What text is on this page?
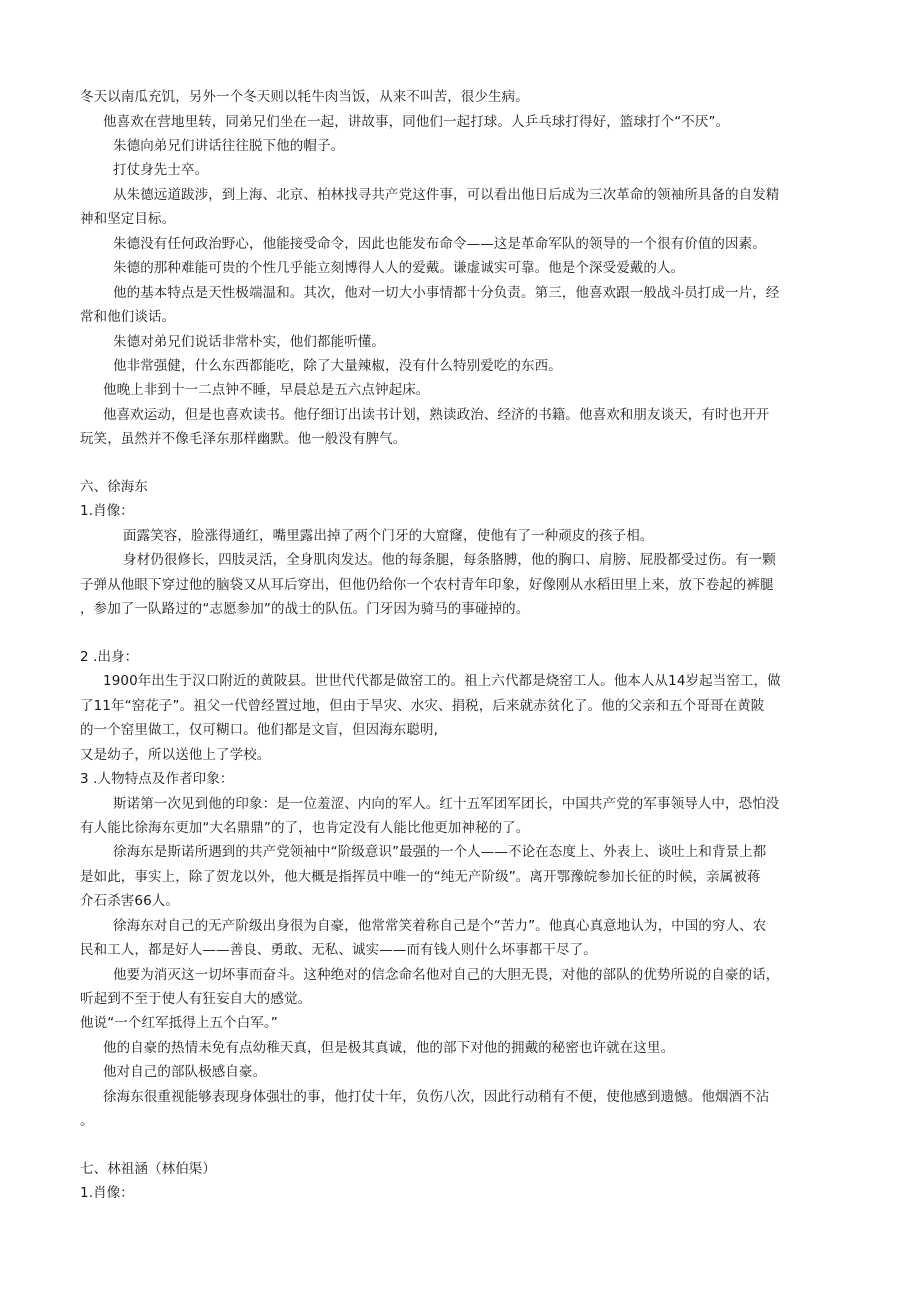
冬天以南瓜充饥，另外一个冬天则以牦牛肉当饭，从来不叫苦，很少生病。
他喜欢在营地里转，同弟兄们坐在一起，讲故事，同他们一起打球。人乒乓球打得好，篮球打个“不厌”。
朱德向弟兄们讲话往往脱下他的帽子。
打仗身先士卒。
从朱德远道跋涉，到上海、北京、柏林找寻共产党这件事，可以看出他日后成为三次革命的领袖所具备的自发精
神和坚定目标。
朱德没有任何政治野心，他能接受命令，因此也能发布命令——这是革命军队的领导的一个很有价值的因素。
朱德的那种难能可贵的个性几乎能立刻博得人人的爱戴。谦虚诚实可靠。他是个深受爱戴的人。
他的基本特点是天性极端温和。其次，他对一切大小事情都十分负责。第三，他喜欢跟一般战斗员打成一片，经
常和他们谈话。
朱德对弟兄们说话非常朴实，他们都能听懂。
他非常强健，什么东西都能吃，除了大量辣椒，没有什么特别爱吃的东西。
他晚上非到十一二点钟不睡，早晨总是五六点钟起床。
他喜欢运动，但是也喜欢读书。他仔细订出读书计划，熟读政治、经济的书籍。他喜欢和朋友谈天，有时也开开
玩笑，虽然并不像毛泽东那样幽默。他一般没有脾气。
六、徐海东
1.肖像：
面露笑容，脸涨得通红，嘴里露出掉了两个门牙的大窟窿，使他有了一种顽皮的孩子相。
身材仍很修长，四肢灵活，全身肌肉发达。他的每条腿，每条胳膊，他的胸口、肩膀、屁股都受过伤。有一颗
子弹从他眼下穿过他的脑袋又从耳后穿出，但他仍给你一个农村青年印象，好像刚从水稻田里上来，放下卷起的裤腿
，参加了一队路过的“志愿参加”的战士的队伍。门牙因为骑马的事碰掉的。
2 .出身：
1900年出生于汉口附近的黄陂县。世世代代都是做窑工的。祖上六代都是烧窑工人。他本人从14岁起当窑工，做
了11年“窑花子”。祖父一代曾经置过地，但由于旱灾、水灾、捐税，后来就赤贫化了。他的父亲和五个哥哥在黄陂
的一个窑里做工，仅可糊口。他们都是文盲，但因海东聪明,
又是幼子，所以送他上了学校。
3 .人物特点及作者印象：
斯诺第一次见到他的印象：是一位羞涩、内向的军人。红十五军团军团长，中国共产党的军事领导人中，恐怕没
有人能比徐海东更加“大名鼎鼎”的了，也肯定没有人能比他更加神秘的了。
徐海东是斯诺所遇到的共产党领袖中“阶级意识”最强的一个人——不论在态度上、外表上、谈吐上和背景上都
是如此，事实上，除了贺龙以外，他大概是指挥员中唯一的“纯无产阶级”。离开鄂豫皖参加长征的时候，亲属被蒋
介石杀害66人。
徐海东对自己的无产阶级出身很为自豪，他常常笑着称自己是个“苦力”。他真心真意地认为，中国的穷人、农
民和工人，都是好人——善良、勇敢、无私、诚实——而有钱人则什么坏事都干尽了。
他要为消灭这一切坏事而奋斗。这种绝对的信念命名他对自己的大胆无畏，对他的部队的优势所说的自豪的话，
听起到不至于使人有狂妄自大的感觉。
他说“一个红军抵得上五个白军。”
他的自豪的热情未免有点幼稚天真，但是极其真诚，他的部下对他的拥戴的秘密也许就在这里。
他对自己的部队极感自豪。
徐海东很重视能够表现身体强壮的事，他打仗十年，负伤八次，因此行动稍有不便，使他感到遗憾。他烟酒不沾
。
七、林祖涵（林伯渠）
1.肖像：
